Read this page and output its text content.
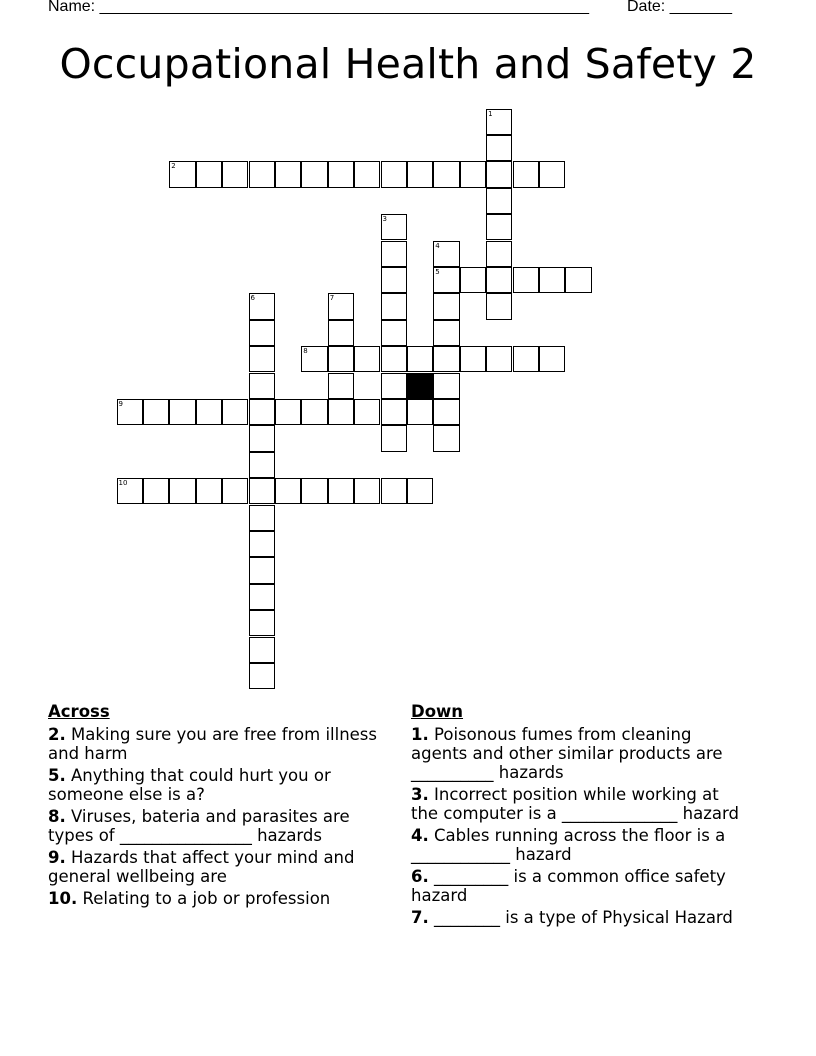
Name: _______________________________________________________ Date: _______
Occupational Health and Safety 2
1
2
3
4
5
6	7
8
9
10
Across
2. Making sure you are free from illness and harm
5. Anything that could hurt you or someone else is a?
8. Viruses, bateria and parasites are types of ________________ hazards
9. Hazards that affect your mind and general wellbeing are
10. Relating to a job or profession
Down
1. Poisonous fumes from cleaning agents and other similar products are __________ hazards
3. Incorrect position while working at the computer is a ______________ hazard
4. Cables running across the floor is a ____________ hazard
6. _________ is a common office safety hazard
7. ________ is a type of Physical Hazard
